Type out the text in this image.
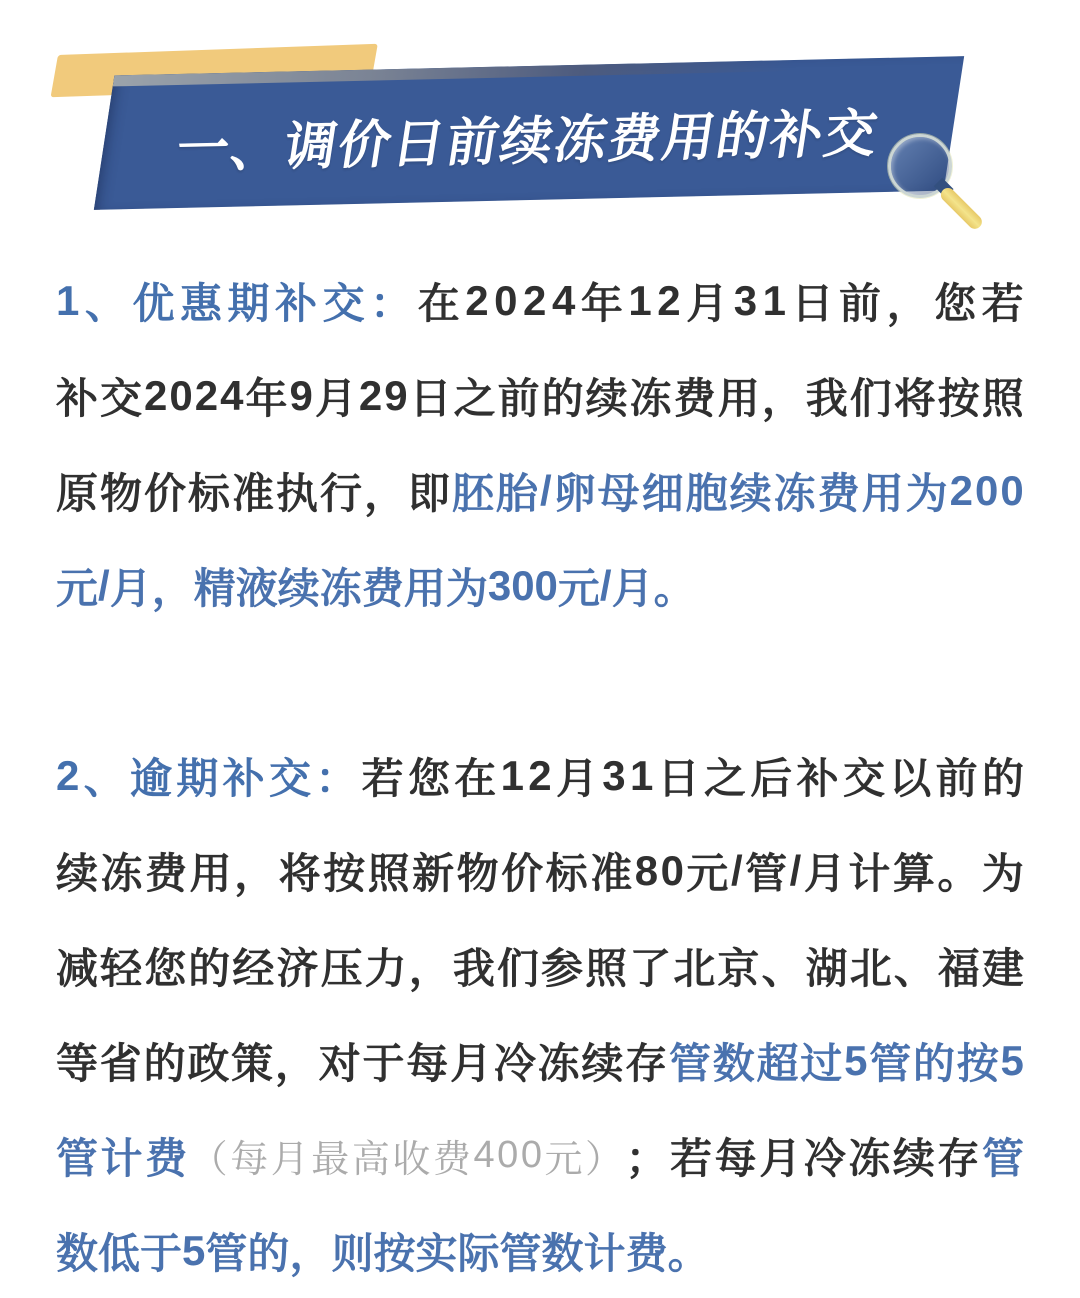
一、调价日前续冻费用的补交
1 、 优 惠 期 补 交 ： 在 2 0 2 4 年 1 2 月 3 1 日 前 ， 您 若
补 交 2 0 2 4 年 9 月 2 9 日 之 前 的 续 冻 费 用 ， 我 们 将 按 照
原 物 价 标 准 执 行 ， 即 胚 胎 / 卵 母 细 胞 续 冻 费 用 为 2 0 0
元 / 月 ， 精 液 续 冻 费 用 为 3 0 0 元 / 月 。
2 、 逾 期 补 交 ： 若 您 在 1 2 月 3 1 日 之 后 补 交 以 前 的
续 冻 费 用 ， 将 按 照 新 物 价 标 准 8 0 元 / 管 / 月 计 算 。 为
减 轻 您 的 经 济 压 力 ， 我 们 参 照 了 北 京 、 湖 北 、 福 建
等 省 的 政 策 ， 对 于 每 月 冷 冻 续 存 管 数 超 过 5 管 的 按 5
管 计 费 （ 每 月 最 高 收 费 4 0 0 元 ） ； 若 每 月 冷 冻 续 存 管
数 低 于 5 管 的 ， 则 按 实 际 管 数 计 费 。
